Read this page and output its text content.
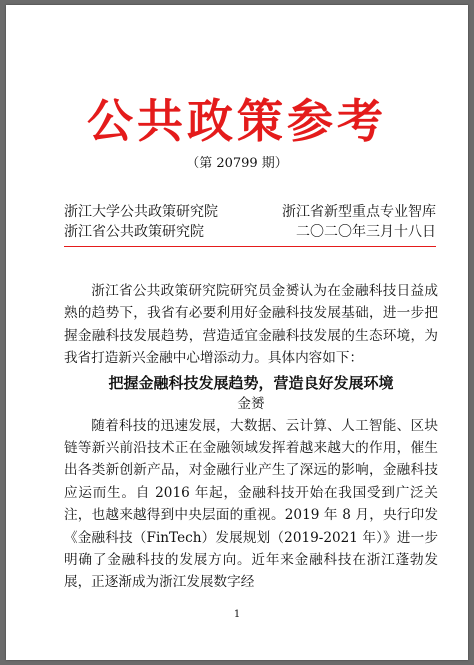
公共政策参考
（第 20799 期）
浙江大学公共政策研究院	浙江省新型重点专业智库
浙江省公共政策研究院	二〇二〇年三月十八日

浙江省公共政策研究院研究员金赟认为在金融科技日益成熟的趋势下，我省有必要利用好金融科技发展基础，进一步把握金融科技发展趋势，营造适宜金融科技发展的生态环境，为我省打造新兴金融中心增添动力。具体内容如下：

把握金融科技发展趋势，营造良好发展环境

金赟

随着科技的迅速发展，大数据、云计算、人工智能、区块链等新兴前沿技术正在金融领域发挥着越来越大的作用，催生出各类新创新产品，对金融行业产生了深远的影响，金融科技应运而生。自 2016 年起，金融科技开始在我国受到广泛关注，也越来越得到中央层面的重视。2019 年 8 月，央行印发《金融科技（FinTech）发展规划（2019-2021 年）》进一步明确了金融科技的发展方向。近年来金融科技在浙江蓬勃发展，正逐渐成为浙江发展数字经

1
